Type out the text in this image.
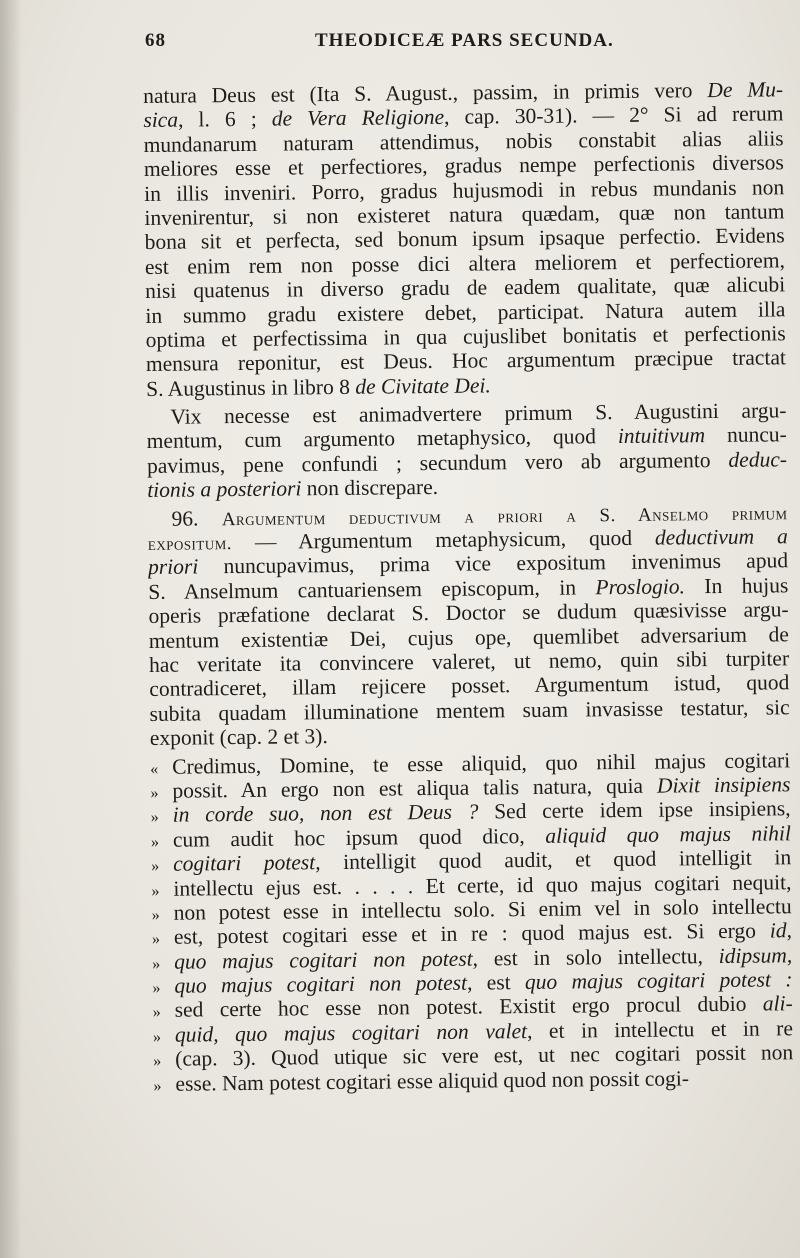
68	THEODICEÆ PARS SECUNDA.
natura Deus est (Ita S. August., passim, in primis vero De Mu-
sica, l. 6 ; de Vera Religione, cap. 30-31). — 2° Si ad rerum
mundanarum naturam attendimus, nobis constabit alias aliis
meliores esse et perfectiores, gradus nempe perfectionis diversos
in illis inveniri. Porro, gradus hujusmodi in rebus mundanis non
invenirentur, si non existeret natura quædam, quæ non tantum
bona sit et perfecta, sed bonum ipsum ipsaque perfectio. Evidens
est enim rem non posse dici altera meliorem et perfectiorem,
nisi quatenus in diverso gradu de eadem qualitate, quæ alicubi
in summo gradu existere debet, participat. Natura autem illa
optima et perfectissima in qua cujuslibet bonitatis et perfectionis
mensura reponitur, est Deus. Hoc argumentum præcipue tractat
S. Augustinus in libro 8 de Civitate Dei.
Vix necesse est animadvertere primum S. Augustini argu-
mentum, cum argumento metaphysico, quod intuitivum nuncu-
pavimus, pene confundi ; secundum vero ab argumento deduc-
tionis a posteriori non discrepare.
96. Argumentum deductivum a priori a S. Anselmo primum
expositum. — Argumentum metaphysicum, quod deductivum a
priori nuncupavimus, prima vice expositum invenimus apud
S. Anselmum cantuariensem episcopum, in Proslogio. In hujus
operis præfatione declarat S. Doctor se dudum quæsivisse argu-
mentum existentiæ Dei, cujus ope, quemlibet adversarium de
hac veritate ita convincere valeret, ut nemo, quin sibi turpiter
contradiceret, illam rejicere posset. Argumentum istud, quod
subita quadam illuminatione mentem suam invasisse testatur, sic
exponit (cap. 2 et 3).
« Credimus, Domine, te esse aliquid, quo nihil majus cogitari
» possit. An ergo non est aliqua talis natura, quia Dixit insipiens
» in corde suo, non est Deus ? Sed certe idem ipse insipiens,
» cum audit hoc ipsum quod dico, aliquid quo majus nihil
» cogitari potest, intelligit quod audit, et quod intelligit in
» intellectu ejus est. . . . . Et certe, id quo majus cogitari nequit,
» non potest esse in intellectu solo. Si enim vel in solo intellectu
» est, potest cogitari esse et in re : quod majus est. Si ergo id,
» quo majus cogitari non potest, est in solo intellectu, idipsum,
» quo majus cogitari non potest, est quo majus cogitari potest :
» sed certe hoc esse non potest. Existit ergo procul dubio ali-
» quid, quo majus cogitari non valet, et in intellectu et in re
» (cap. 3). Quod utique sic vere est, ut nec cogitari possit non
» esse. Nam potest cogitari esse aliquid quod non possit cogi-
